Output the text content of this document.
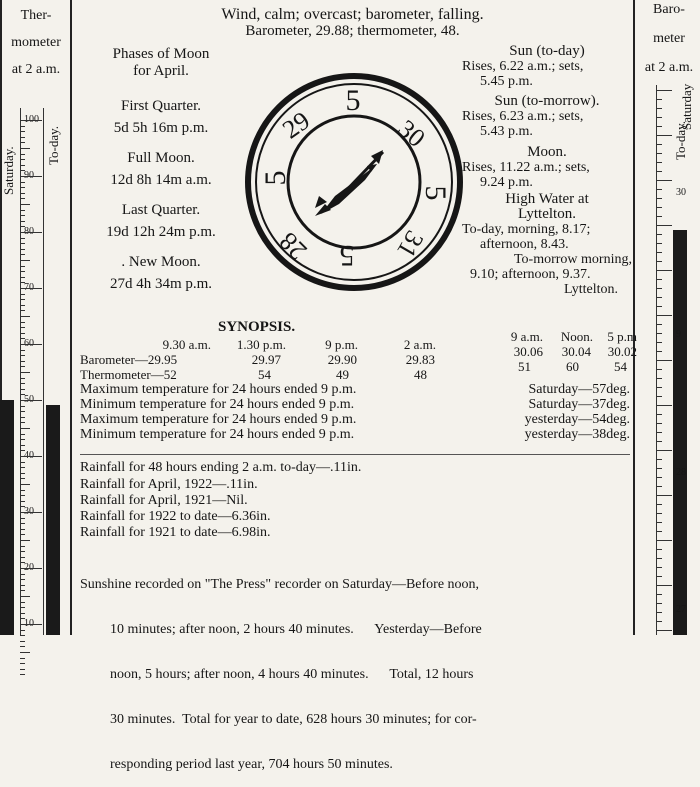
Ther-
mometer
at 2 a.m.
Saturday.
To-day.
Baro-
meter
at 2 a.m.
To-day.
Saturday
30
9
28
27
Wind, calm; overcast; barometer, falling.
Barometer, 29.88; thermometer, 48.
Phases of Moon
for April.
First Quarter.
5d 5h 16m p.m.
Full Moon.
12d 8h 14m a.m.
Last Quarter.
19d 12h 24m p.m.
. New Moon.
27d 4h 34m p.m.
5
29	30
5
31
5
28
5
Sun (to-day)
Rises, 6.22 a.m.; sets,
5.45 p.m.
Sun (to-morrow).
Rises, 6.23 a.m.; sets,
5.43 p.m.
Moon.
Rises, 11.22 a.m.; sets,
9.24 p.m.
High Water at
Lyttelton.
To-day, morning, 8.17;
afternoon, 8.43.
To-morrow morning,
9.10; afternoon, 9.37.
Lyttelton.
SYNOPSIS.
9.30 a.m.	1.30 p.m.	9 p.m.	2 a.m.
Barometer—29.95	29.97	29.90	29.83
Thermometer—52	54	49	48
9 a.m.	Noon.	5 p.m
30.06	30.04	30.02
51	60	54
Maximum temperature for 24 hours ended 9 p.m.	Saturday—57deg.
Minimum temperature for 24 hours ended 9 p.m.	Saturday—37deg.
Maximum temperature for 24 hours ended 9 p.m.	yesterday—54deg.
Minimum temperature for 24 hours ended 9 p.m.	yesterday—38deg.
Rainfall for 48 hours ending 2 a.m. to-day—.11in.
Rainfall for April, 1922—.11in.
Rainfall for April, 1921—Nil.
Rainfall for 1922 to date—6.36in.
Rainfall for 1921 to date—6.98in.

Sunshine recorded on "The Press" recorder on Saturday—Before noon,

10 minutes; after noon, 2 hours 40 minutes.      Yesterday—Before

noon, 5 hours; after noon, 4 hours 40 minutes.      Total, 12 hours

30 minutes.  Total for year to date, 628 hours 30 minutes; for cor-

responding period last year, 704 hours 50 minutes.
